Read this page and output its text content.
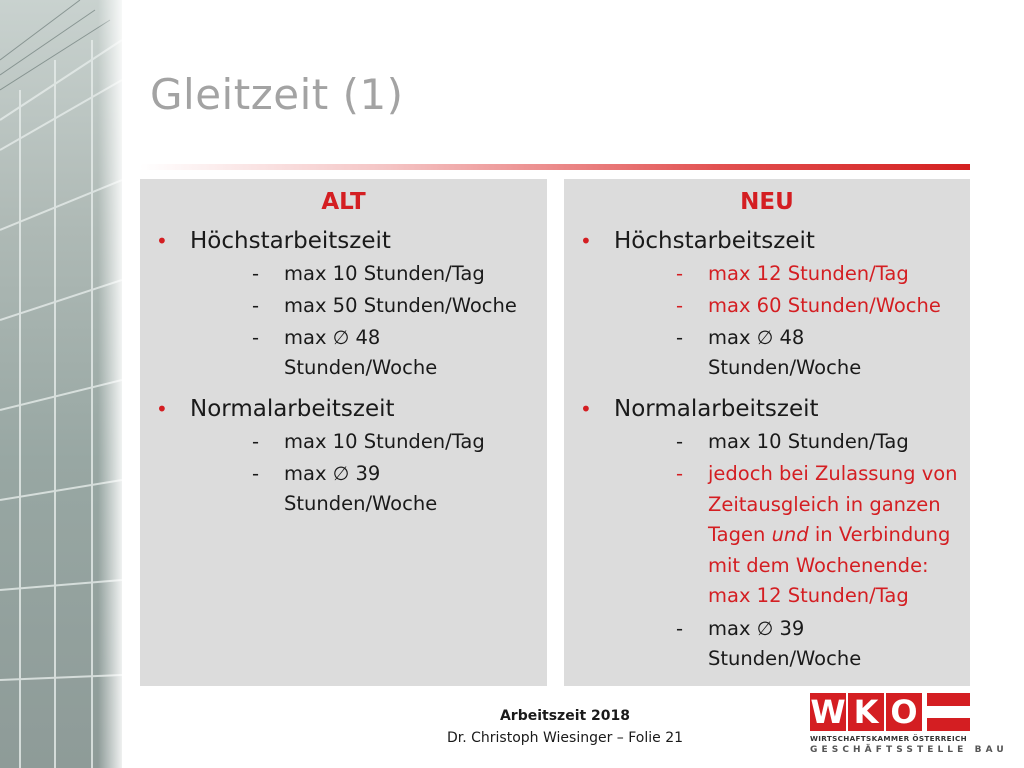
Gleitzeit (1)
ALT
• Höchstarbeitszeit
- max 10 Stunden/Tag
- max 50 Stunden/Woche
- max ∅ 48 Stunden/Woche
• Normalarbeitszeit
- max 10 Stunden/Tag
- max ∅ 39 Stunden/Woche
NEU
• Höchstarbeitszeit
- max 12 Stunden/Tag
- max 60 Stunden/Woche
- max ∅ 48 Stunden/Woche
• Normalarbeitszeit
- max 10 Stunden/Tag
- jedoch bei Zulassung von
Zeitausgleich in ganzen
Tagen und in Verbindung
mit dem Wochenende:
max 12 Stunden/Tag
- max ∅ 39 Stunden/Woche
Arbeitszeit 2018
Dr. Christoph Wiesinger – Folie 21
W K O
WIRTSCHAFTSKAMMER ÖSTERREICH
GESCHÄFTSSTELLE BAU
